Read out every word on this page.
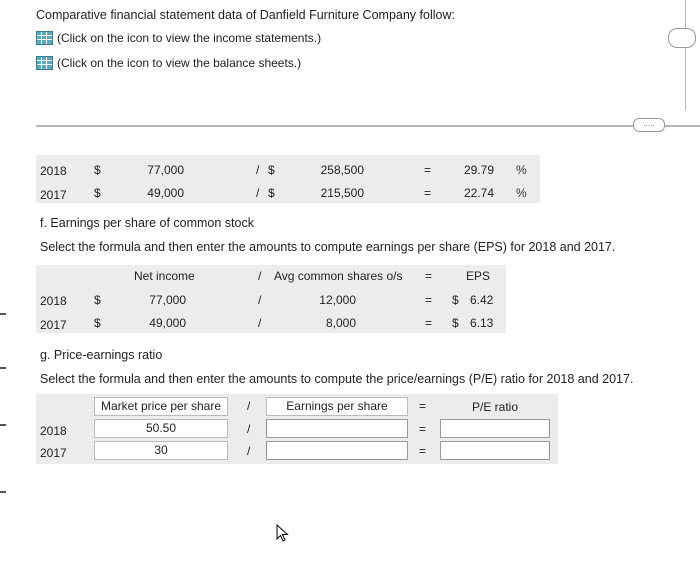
Comparative financial statement data of Danfield Furniture Company follow:
(Click on the icon to view the income statements.)
(Click on the icon to view the balance sheets.)
.....
2018 $	77,000	/ $	258,500	=	29.79 %
2017 $	49,000	/ $	215,500	=	22.74 %
f. Earnings per share of common stock
Select the formula and then enter the amounts to compute earnings per share (EPS) for 2018 and 2017.
Net income	/ Avg common shares o/s =	EPS
2018 $	77,000	/	12,000	= $ 6.42
2017 $	49,000	/	8,000	= $ 6.13
g. Price-earnings ratio
Select the formula and then enter the amounts to compute the price/earnings (P/E) ratio for 2018 and 2017.
Market price per share	/	Earnings per share	=	P/E ratio
2018	50.50	/	=
2017	30	/	=
